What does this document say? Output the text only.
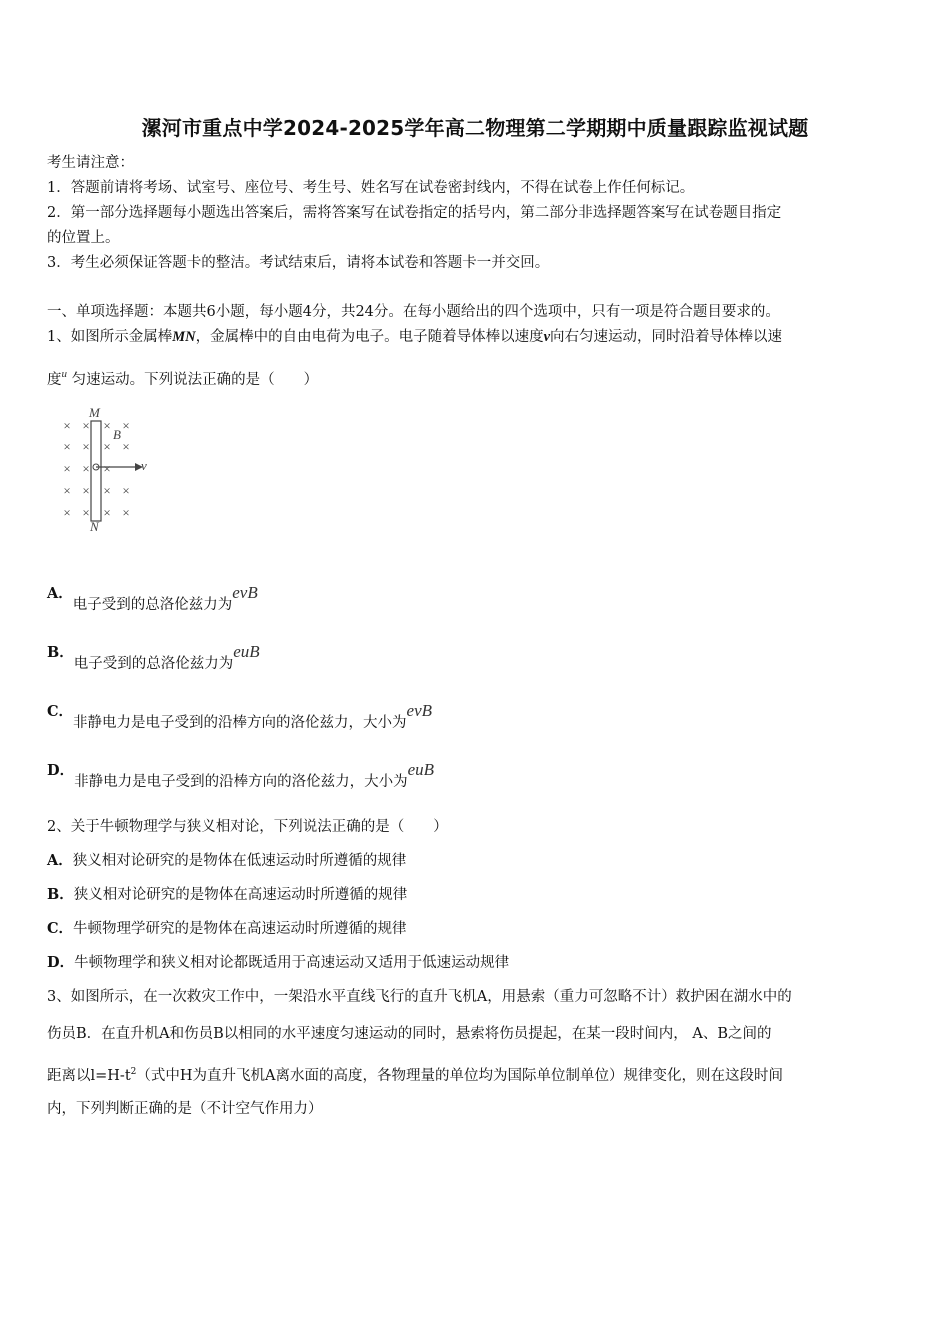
漯河市重点中学2024-2025学年高二物理第二学期期中质量跟踪监视试题
考生请注意：
1．答题前请将考场、试室号、座位号、考生号、姓名写在试卷密封线内，不得在试卷上作任何标记。
2．第一部分选择题每小题选出答案后，需将答案写在试卷指定的括号内，第二部分非选择题答案写在试卷题目指定
的位置上。
3．考生必须保证答题卡的整洁。考试结束后，请将本试卷和答题卡一并交回。
一、单项选择题：本题共6小题，每小题4分，共24分。在每小题给出的四个选项中，只有一项是符合题目要求的。
1、如图所示金属棒MN，金属棒中的自由电荷为电子。电子随着导体棒以速度v向右匀速运动，同时沿着导体棒以速
度$^u$ 匀速运动。下列说法正确的是（　　）
× × × ×
× × × ×
× × ×
× × × ×
× × × ×
M
N
B
v
A．电子受到的总洛伦兹力为evB
B．电子受到的总洛伦兹力为euB
C．非静电力是电子受到的沿棒方向的洛伦兹力，大小为evB
D．非静电力是电子受到的沿棒方向的洛伦兹力，大小为euB
2、关于牛顿物理学与狭义相对论，下列说法正确的是（　　）
A．狭义相对论研究的是物体在低速运动时所遵循的规律
B．狭义相对论研究的是物体在高速运动时所遵循的规律
C．牛顿物理学研究的是物体在高速运动时所遵循的规律
D．牛顿物理学和狭义相对论都既适用于高速运动又适用于低速运动规律
3、如图所示，在一次救灾工作中，一架沿水平直线飞行的直升飞机A，用悬索（重力可忽略不计）救护困在湖水中的
伤员B．在直升机A和伤员B以相同的水平速度匀速运动的同时，悬索将伤员提起，在某一段时间内， A、B之间的
距离以$l=H-t^2$（式中H为直升飞机A离水面的高度，各物理量的单位均为国际单位制单位）规律变化，则在这段时间
内，下列判断正确的是（不计空气作用力）
